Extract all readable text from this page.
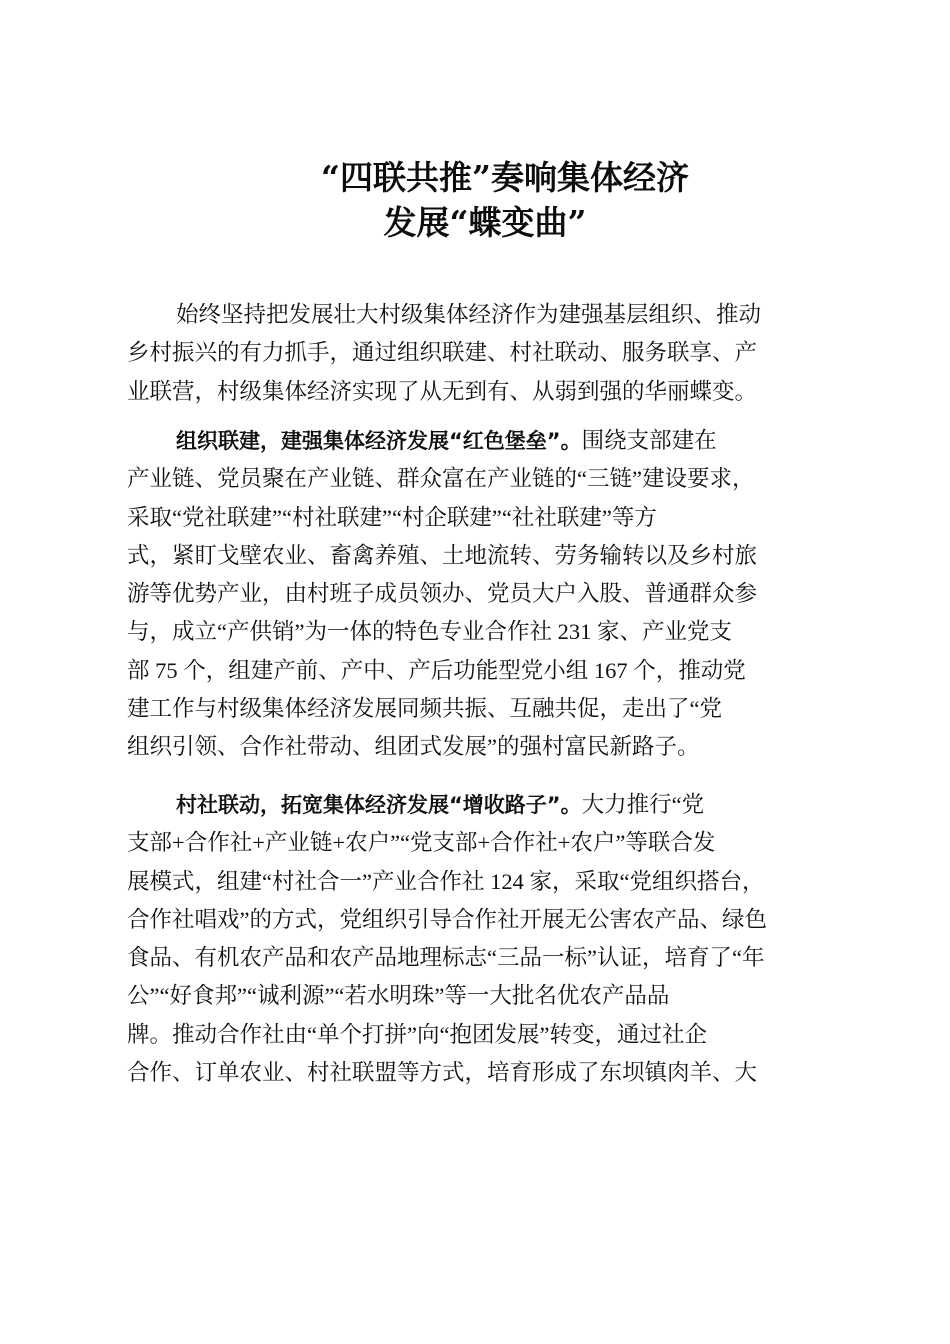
“四联共推”奏响集体经济
发展“蝶变曲”
始终坚持把发展壮大村级集体经济作为建强基层组织、推动
乡村振兴的有力抓手，通过组织联建、村社联动、服务联享、产
业联营，村级集体经济实现了从无到有、从弱到强的华丽蝶变。
组织联建，建强集体经济发展“红色堡垒”。围绕支部建在
产业链、党员聚在产业链、群众富在产业链的“三链”建设要求，
采取“党社联建”“村社联建”“村企联建”“社社联建”等方
式，紧盯戈壁农业、畜禽养殖、土地流转、劳务输转以及乡村旅
游等优势产业，由村班子成员领办、党员大户入股、普通群众参
与，成立“产供销”为一体的特色专业合作社 231 家、产业党支
部 75 个，组建产前、产中、产后功能型党小组 167 个，推动党
建工作与村级集体经济发展同频共振、互融共促，走出了“党
组织引领、合作社带动、组团式发展”的强村富民新路子。
村社联动，拓宽集体经济发展“增收路子”。大力推行“党
支部+合作社+产业链+农户”“党支部+合作社+农户”等联合发
展模式，组建“村社合一”产业合作社 124 家，采取“党组织搭台，
合作社唱戏”的方式，党组织引导合作社开展无公害农产品、绿色
食品、有机农产品和农产品地理标志“三品一标”认证，培育了“年
公”“好食邦”“诚利源”“若水明珠”等一大批名优农产品品
牌。推动合作社由“单个打拼”向“抱团发展”转变，通过社企
合作、订单农业、村社联盟等方式，培育形成了东坝镇肉羊、大
